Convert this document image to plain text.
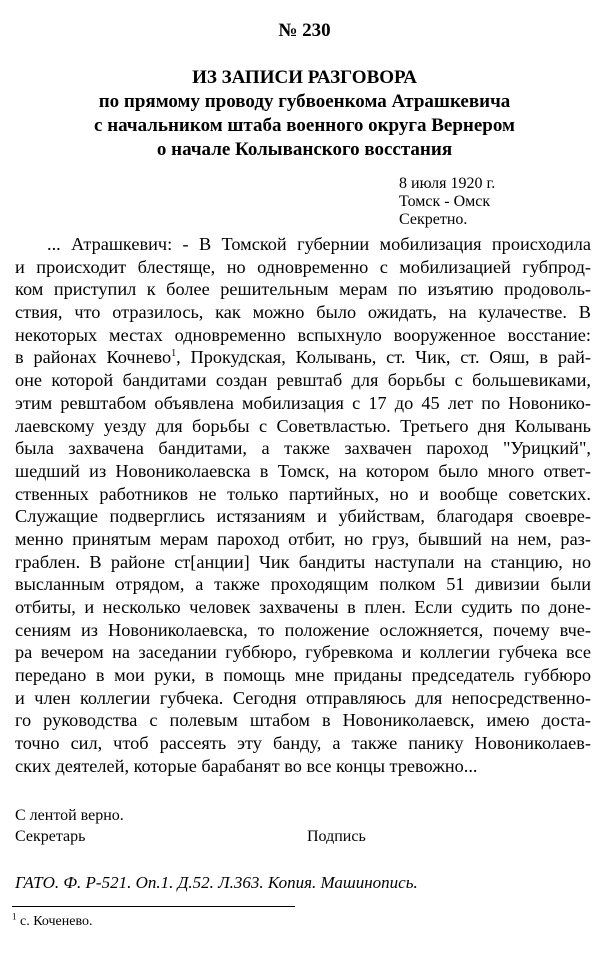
№ 230
ИЗ ЗАПИСИ РАЗГОВОРА
по прямому проводу губвоенкома Атрашкевича
с начальником штаба военного округа Вернером
о начале Колыванского восстания
8 июля 1920 г.
Томск - Омск
Секретно.
... Атрашкевич: - В Томской губернии мобилизация происходила
и происходит блестяще, но одновременно с мобилизацией губпрод-
ком приступил к более решительным мерам по изъятию продоволь-
ствия, что отразилось, как можно было ожидать, на кулачестве. В
некоторых местах одновременно вспыхнуло вооруженное восстание:
в районах Кочнево$^1$, Прокудская, Колывань, ст. Чик, ст. Ояш, в рай-
оне которой бандитами создан ревштаб для борьбы с большевиками,
этим ревштабом объявлена мобилизация с 17 до 45 лет по Новонико-
лаевскому уезду для борьбы с Советвластью. Третьего дня Колывань
была захвачена бандитами, а также захвачен пароход "Урицкий",
шедший из Новониколаевска в Томск, на котором было много ответ-
ственных работников не только партийных, но и вообще советских.
Служащие подверглись истязаниям и убийствам, благодаря своевре-
менно принятым мерам пароход отбит, но груз, бывший на нем, раз-
граблен. В районе ст[анции] Чик бандиты наступали на станцию, но
высланным отрядом, а также проходящим полком 51 дивизии были
отбиты, и несколько человек захвачены в плен. Если судить по доне-
сениям из Новониколаевска, то положение осложняется, почему вче-
ра вечером на заседании губбюро, губревкома и коллегии губчека все
передано в мои руки, в помощь мне приданы председатель губбюро
и член коллегии губчека. Сегодня отправляюсь для непосредственно-
го руководства с полевым штабом в Новониколаевск, имею доста-
точно сил, чтоб рассеять эту банду, а также панику Новониколаев-
ских деятелей, которые барабанят во все концы тревожно...
С лентой верно.
Секретарь	Подпись
ГАТО. Ф. Р-521. Оп.1. Д.52. Л.363. Копия. Машинопись.
$^1$ с. Коченево.
